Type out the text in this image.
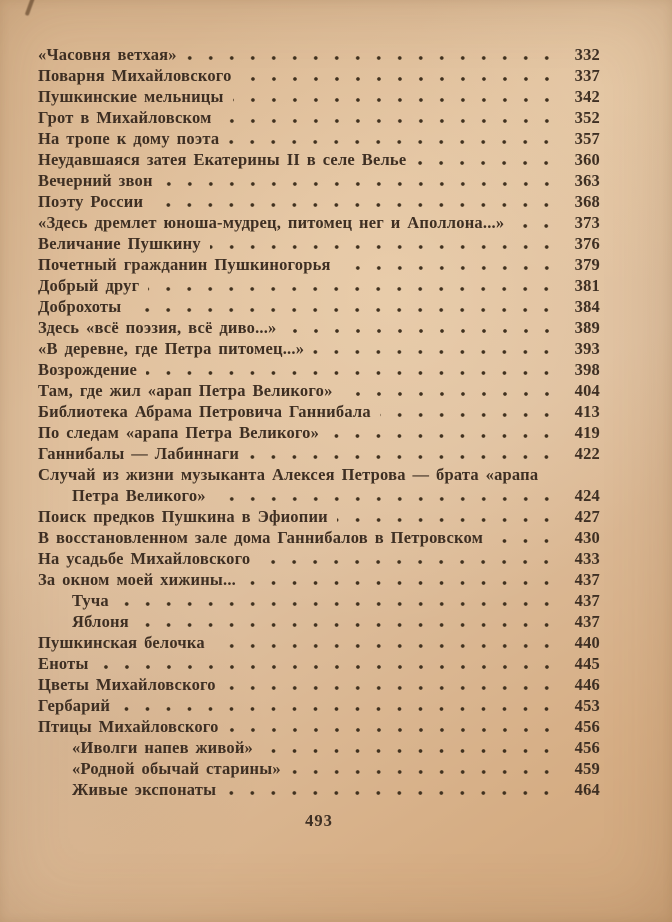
«Часовня ветхая»	332
Поварня Михайловского	337
Пушкинские мельницы	342
Грот в Михайловском	352
На тропе к дому поэта	357
Неудавшаяся затея Екатерины II в селе Велье	360
Вечерний звон	363
Поэту России	368
«Здесь дремлет юноша-мудрец, питомец нег и Аполлона...»	373
Величание Пушкину	376
Почетный гражданин Пушкиногорья	379
Добрый друг	381
Доброхоты	384
Здесь «всё поэзия, всё диво...»	389
«В деревне, где Петра питомец...»	393
Возрождение	398
Там, где жил «арап Петра Великого»	404
Библиотека Абрама Петровича Ганнибала	413
По следам «арапа Петра Великого»	419
Ганнибалы — Лабиннаги	422
Случай из жизни музыканта Алексея Петрова — брата «арапа
Петра Великого»	424
Поиск предков Пушкина в Эфиопии	427
В восстановленном зале дома Ганнибалов в Петровском	430
На усадьбе Михайловского	433
За окном моей хижины...	437
Туча	437
Яблоня	437
Пушкинская белочка	440
Еноты	445
Цветы Михайловского	446
Гербарий	453
Птицы Михайловского	456
«Иволги напев живой»	456
«Родной обычай старины»	459
Живые экспонаты	464
493
